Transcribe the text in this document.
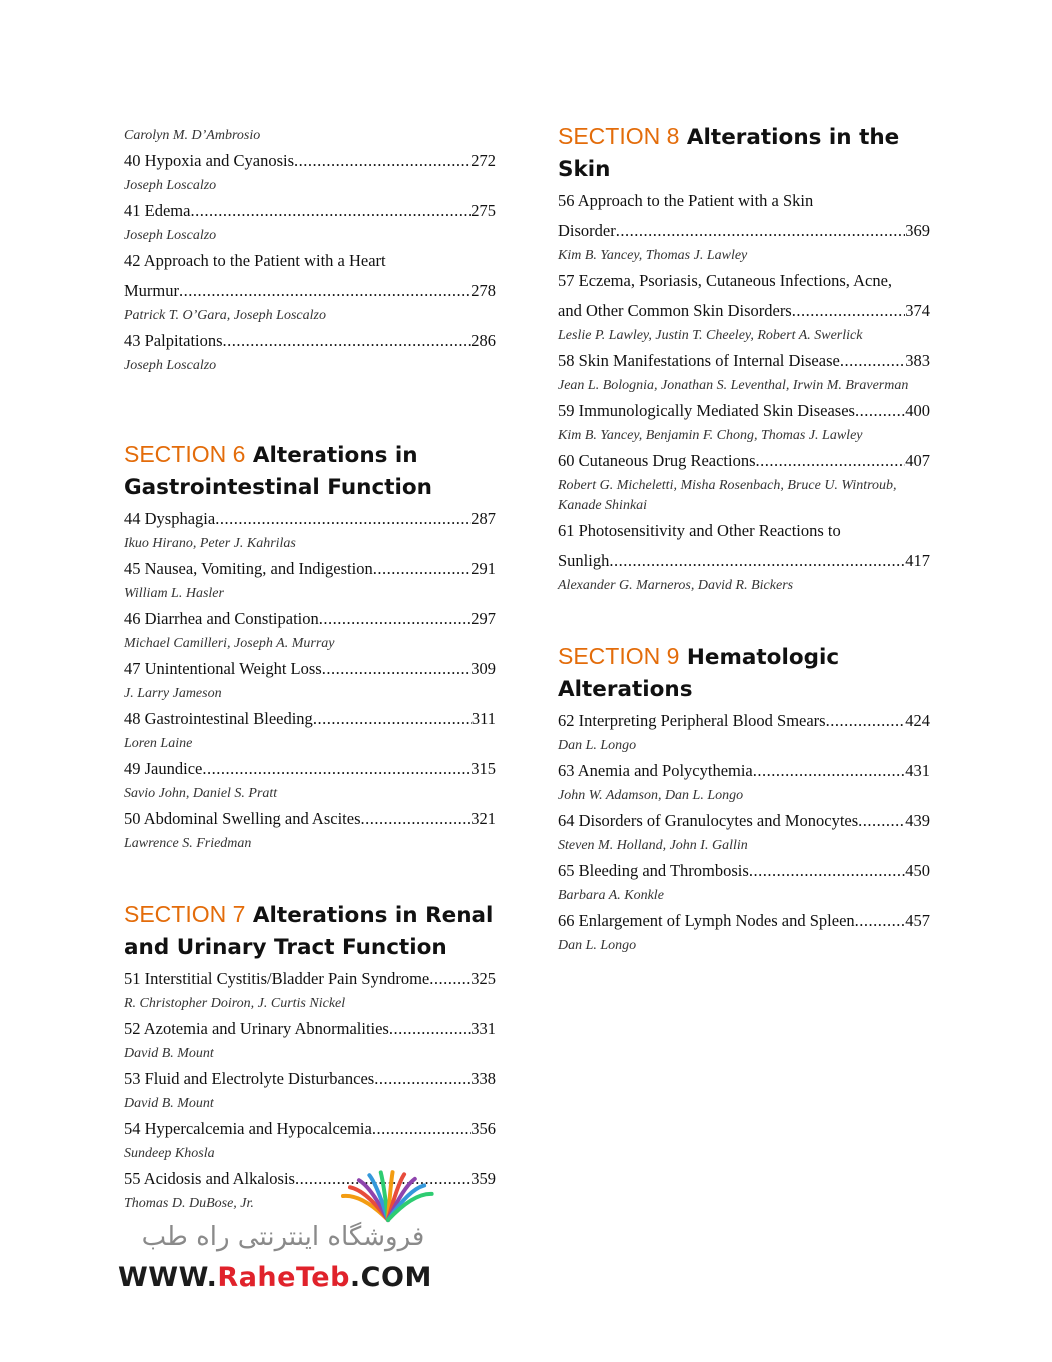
Carolyn M. D’Ambrosio

40 Hypoxia and Cyanosis .....	272

Joseph Loscalzo

41 Edema .....	275

Joseph Loscalzo

42 Approach to the Patient with a Heart
Murmur .....	278

Patrick T. O’Gara, Joseph Loscalzo

43 Palpitations .....	286

Joseph Loscalzo

SECTION 6 Alterations in Gastrointestinal Function
44 Dysphagia .....	287

Ikuo Hirano, Peter J. Kahrilas

45 Nausea, Vomiting, and Indigestion .....	291

William L. Hasler

46 Diarrhea and Constipation .....	297

Michael Camilleri, Joseph A. Murray

47 Unintentional Weight Loss .....	309

J. Larry Jameson

48 Gastrointestinal Bleeding .....	311

Loren Laine

49 Jaundice .....	315

Savio John, Daniel S. Pratt

50 Abdominal Swelling and Ascites .....	321

Lawrence S. Friedman

SECTION 7 Alterations in Renal and Urinary Tract Function
51 Interstitial Cystitis/Bladder Pain Syndrome .....	325

R. Christopher Doiron, J. Curtis Nickel

52 Azotemia and Urinary Abnormalities .....	331

David B. Mount

53 Fluid and Electrolyte Disturbances .....	338

David B. Mount

54 Hypercalcemia and Hypocalcemia .....	356

Sundeep Khosla

55 Acidosis and Alkalosis .....	359

Thomas D. DuBose, Jr.

SECTION 8 Alterations in the Skin
56 Approach to the Patient with a Skin
Disorder .....	369

Kim B. Yancey, Thomas J. Lawley

57 Eczema, Psoriasis, Cutaneous Infections, Acne,
and Other Common Skin Disorders .....	374

Leslie P. Lawley, Justin T. Cheeley, Robert A. Swerlick

58 Skin Manifestations of Internal Disease .....	383

Jean L. Bolognia, Jonathan S. Leventhal, Irwin M. Braverman

59 Immunologically Mediated Skin Diseases .....	400

Kim B. Yancey, Benjamin F. Chong, Thomas J. Lawley

60 Cutaneous Drug Reactions .....	407

Robert G. Micheletti, Misha Rosenbach, Bruce U. Wintroub, Kanade Shinkai

61 Photosensitivity and Other Reactions to
Sunligh .....	417

Alexander G. Marneros, David R. Bickers

SECTION 9 Hematologic Alterations
62 Interpreting Peripheral Blood Smears .....	424

Dan L. Longo

63 Anemia and Polycythemia .....	431

John W. Adamson, Dan L. Longo

64 Disorders of Granulocytes and Monocytes .....	439

Steven M. Holland, John I. Gallin

65 Bleeding and Thrombosis .....	450

Barbara A. Konkle

66 Enlargement of Lymph Nodes and Spleen .....	457

Dan L. Longo

فروشگاه اینترنتی راه طب
WWW.RaheTeb.COM
